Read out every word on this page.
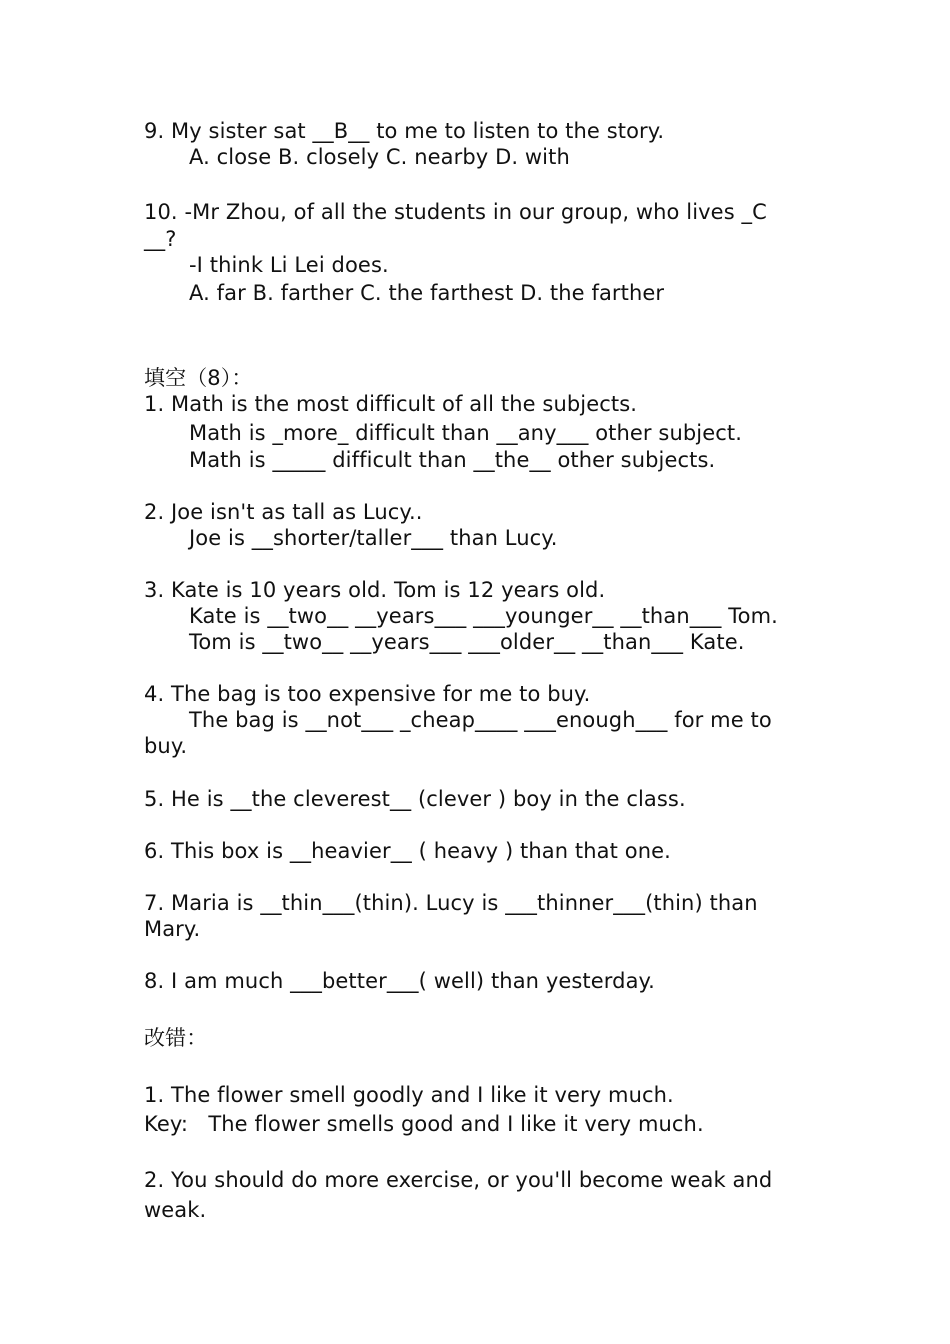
9. My sister sat __B__ to me to listen to the story.
A. close B. closely C. nearby D. with
10. -Mr Zhou, of all the students in our group, who lives _C
__?
-I think Li Lei does.
A. far B. farther C. the farthest D. the farther
填空（8）：
1. Math is the most difficult of all the subjects.
Math is _more_ difficult than __any___ other subject.
Math is _____ difficult than __the__ other subjects.
2. Joe isn't as tall as Lucy..
Joe is __shorter/taller___ than Lucy.
3. Kate is 10 years old. Tom is 12 years old.
Kate is __two__ __years___ ___younger__ __than___ Tom.
Tom is __two__ __years___ ___older__ __than___ Kate.
4. The bag is too expensive for me to buy.
The bag is __not___ _cheap____ ___enough___ for me to
buy.
5. He is __the cleverest__ (clever ) boy in the class.
6. This box is __heavier__ ( heavy ) than that one.
7. Maria is __thin___(thin). Lucy is ___thinner___(thin) than
Mary.
8. I am much ___better___( well) than yesterday.
改错：
1. The flower smell goodly and I like it very much.
Key:   The flower smells good and I like it very much.
2. You should do more exercise, or you'll become weak and
weak.
